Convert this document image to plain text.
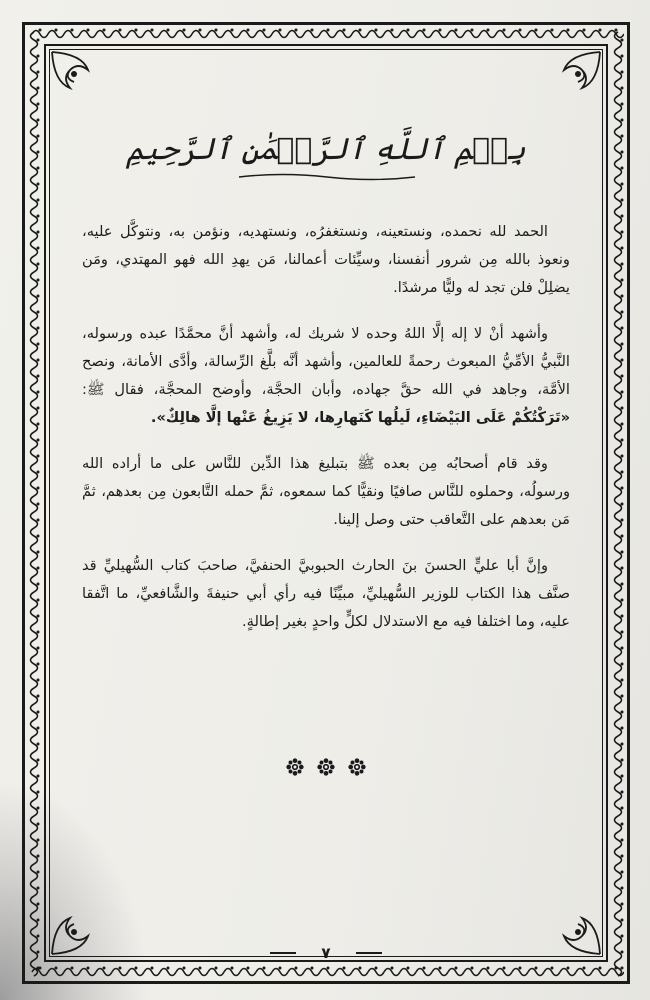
بِسۡمِ ٱللَّهِ ٱلرَّحۡمَٰنِ ٱلرَّحِيمِ

الحمد لله نحمده، ونستعينه، ونستغفرُه، ونستهديه، ونؤمن به، ونتوكَّل عليه، ونعوذ بالله مِن شرور أنفسنا، وسيِّئات أعمالنا، مَن يهدِ الله فهو المهتدي، ومَن يضلِلْ فلن تجد له وليًّا مرشدًا.

وأشهد أنْ لا إله إلَّا اللهُ وحده لا شريك له، وأشهد أنَّ محمَّدًا عبده ورسوله، النَّبيُّ الأمِّيُّ المبعوث رحمةً للعالمين، وأشهد أنَّه بلَّغ الرِّسالة، وأدَّى الأمانة، ونصح الأمَّة، وجاهد في الله حقَّ جهاده، وأبان الحجَّة، وأوضح المحجَّة، فقال ﷺ: «تَرَكْتُكُمْ عَلَى البَيْضَاءِ، لَيلُها كَنَهارِها، لا يَزِيغُ عَنْها إلَّا هالِكٌ».

وقد قام أصحابُه مِن بعده ﷺ بتبليغ هذا الدِّين للنَّاس على ما أراده الله ورسولُه، وحملوه للنَّاس صافيًا ونقيًّا كما سمعوه، ثمَّ حمله التَّابعون مِن بعدهم، ثمَّ مَن بعدهم على التَّعاقب حتى وصل إلينا.

وإنَّ أبا عليٍّ الحسنَ بنَ الحارث الحبوبيَّ الحنفيَّ، صاحبَ كتاب السُّهيليِّ قد صنَّف هذا الكتاب للوزير السُّهيليِّ، مبيِّنًا فيه رأي أبي حنيفةَ والشَّافعيِّ، ما اتَّفقا عليه، وما اختلفا فيه مع الاستدلال لكلٍّ واحدٍ بغير إطالةٍ.

٧
